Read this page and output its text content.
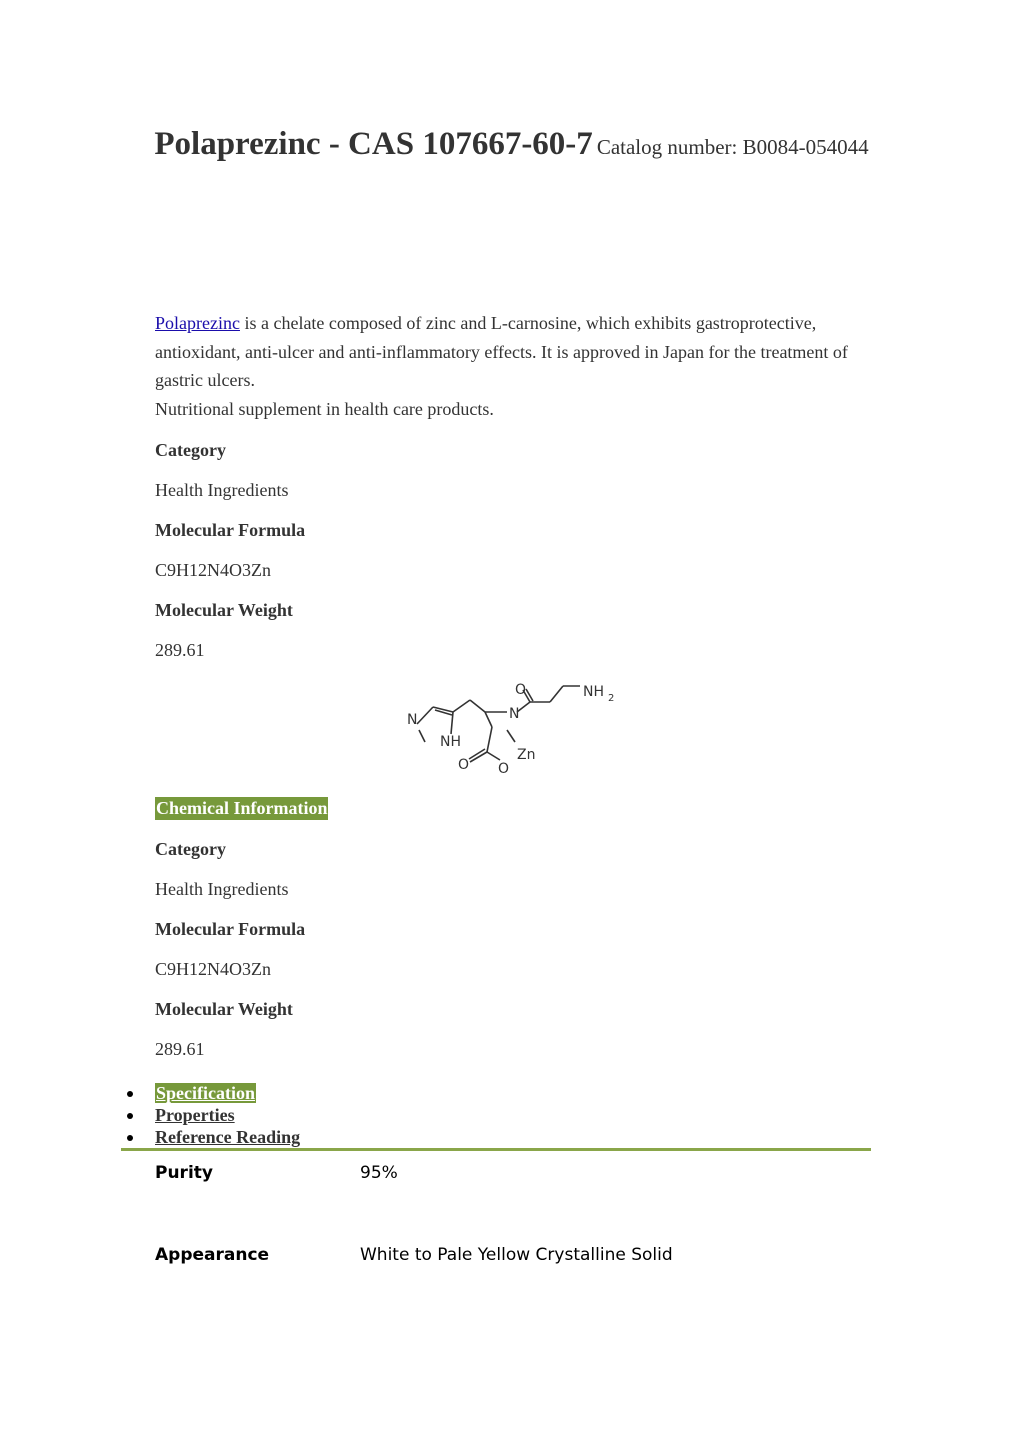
Polaprezinc - CAS 107667-60-7 Catalog number: B0084-054044
Polaprezinc is a chelate composed of zinc and L-carnosine, which exhibits gastroprotective, antioxidant, anti-ulcer and anti-inflammatory effects. It is approved in Japan for the treatment of gastric ulcers.
Nutritional supplement in health care products.
Category
Health Ingredients
Molecular Formula
C9H12N4O3Zn
Molecular Weight
289.61
N
NH
O	NH 2
N
O O
Zn
Chemical Information
Category
Health Ingredients
Molecular Formula
C9H12N4O3Zn
Molecular Weight
289.61
Specification
Properties
Reference Reading
Purity	95%
Appearance	White to Pale Yellow Crystalline Solid
